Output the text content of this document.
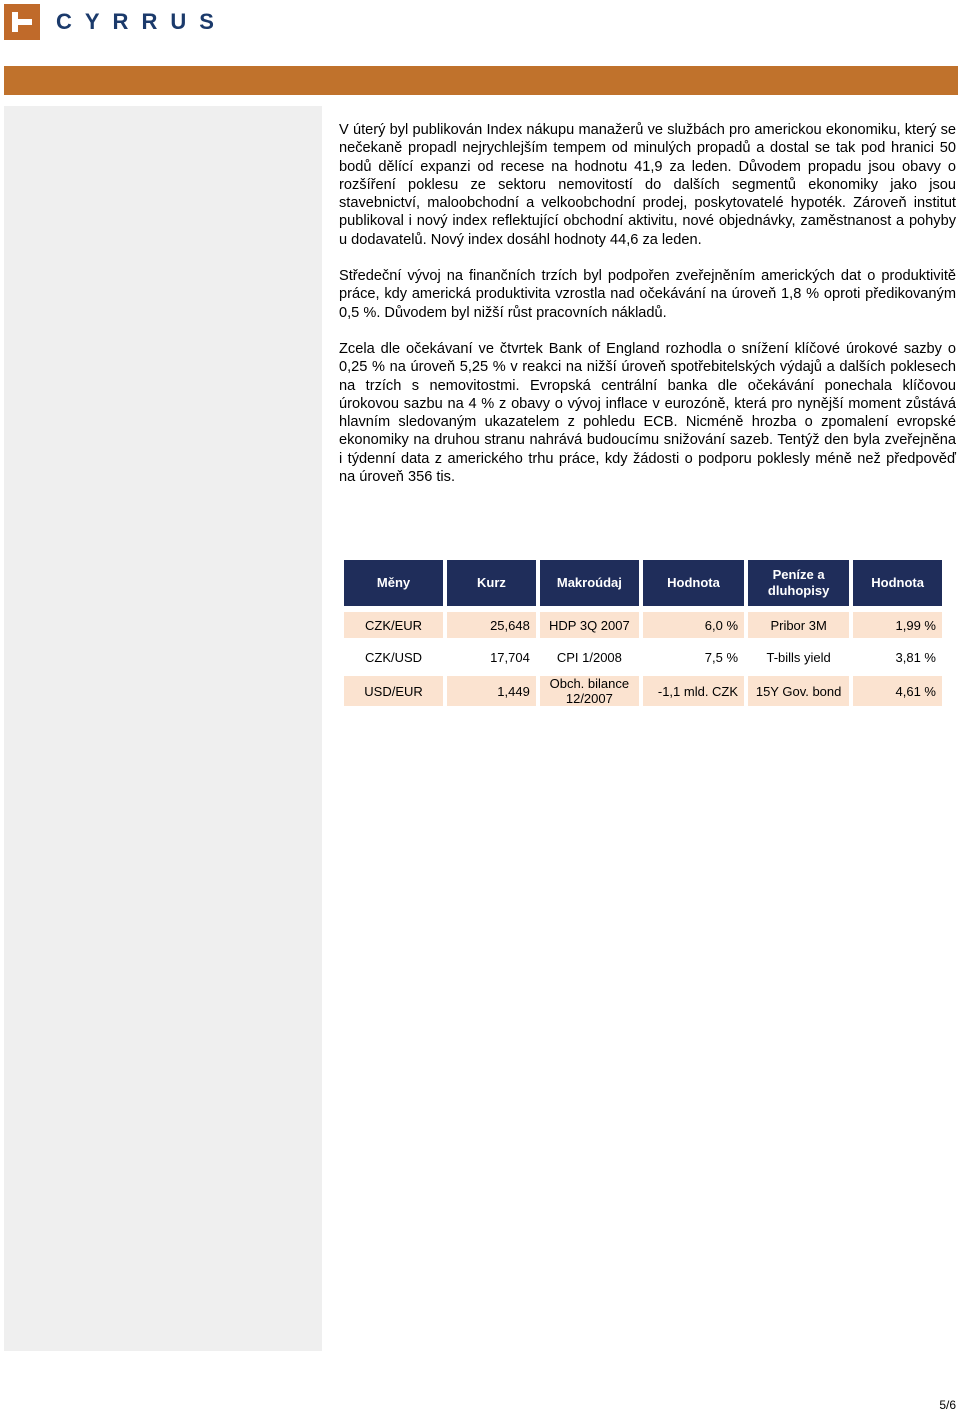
CYRRUS

V úterý byl publikován Index nákupu manažerů ve službách pro americkou ekonomiku, který se nečekaně propadl nejrychlejším tempem od minulých propadů a dostal se tak pod hranici 50 bodů dělící expanzi od recese na hodnotu 41,9 za leden. Důvodem propadu jsou obavy o rozšíření poklesu ze sektoru nemovitostí do dalších segmentů ekonomiky jako jsou stavebnictví, maloobchodní a velkoobchodní prodej, poskytovatelé hypoték. Zároveň institut publikoval i nový index reflektující obchodní aktivitu, nové objednávky, zaměstnanost a pohyby u dodavatelů. Nový index dosáhl hodnoty 44,6 za leden.

Středeční vývoj na finančních trzích byl podpořen zveřejněním amerických dat o produktivitě práce, kdy americká produktivita vzrostla nad očekávání na úroveň 1,8 % oproti předikovaným 0,5 %. Důvodem byl nižší růst pracovních nákladů.

Zcela dle očekávaní ve čtvrtek Bank of England rozhodla o snížení klíčové úrokové sazby o 0,25 % na úroveň 5,25 % v reakci na nižší úroveň spotřebitelských výdajů a dalších poklesech na trzích s nemovitostmi. Evropská centrální banka dle očekávání ponechala klíčovou úrokovou sazbu na 4 % z obavy o vývoj inflace v eurozóně, která pro nynější moment zůstává hlavním sledovaným ukazatelem z pohledu ECB. Nicméně hrozba o zpomalení evropské ekonomiky na druhou stranu nahrává budoucímu snižování sazeb. Tentýž den byla zveřejněna i týdenní data z amerického trhu práce, kdy žádosti o podporu poklesly méně než předpověď na úroveň 356 tis.

Měny	Kurz	Makroúdaj	Hodnota	Peníze a dluhopisy	Hodnota
CZK/EUR	25,648	HDP 3Q 2007	6,0 %	Pribor 3M	1,99 %
CZK/USD	17,704	CPI 1/2008	7,5 %	T-bills yield	3,81 %
USD/EUR	1,449	Obch. bilance 12/2007	-1,1 mld. CZK	15Y Gov. bond	4,61 %
5/6
